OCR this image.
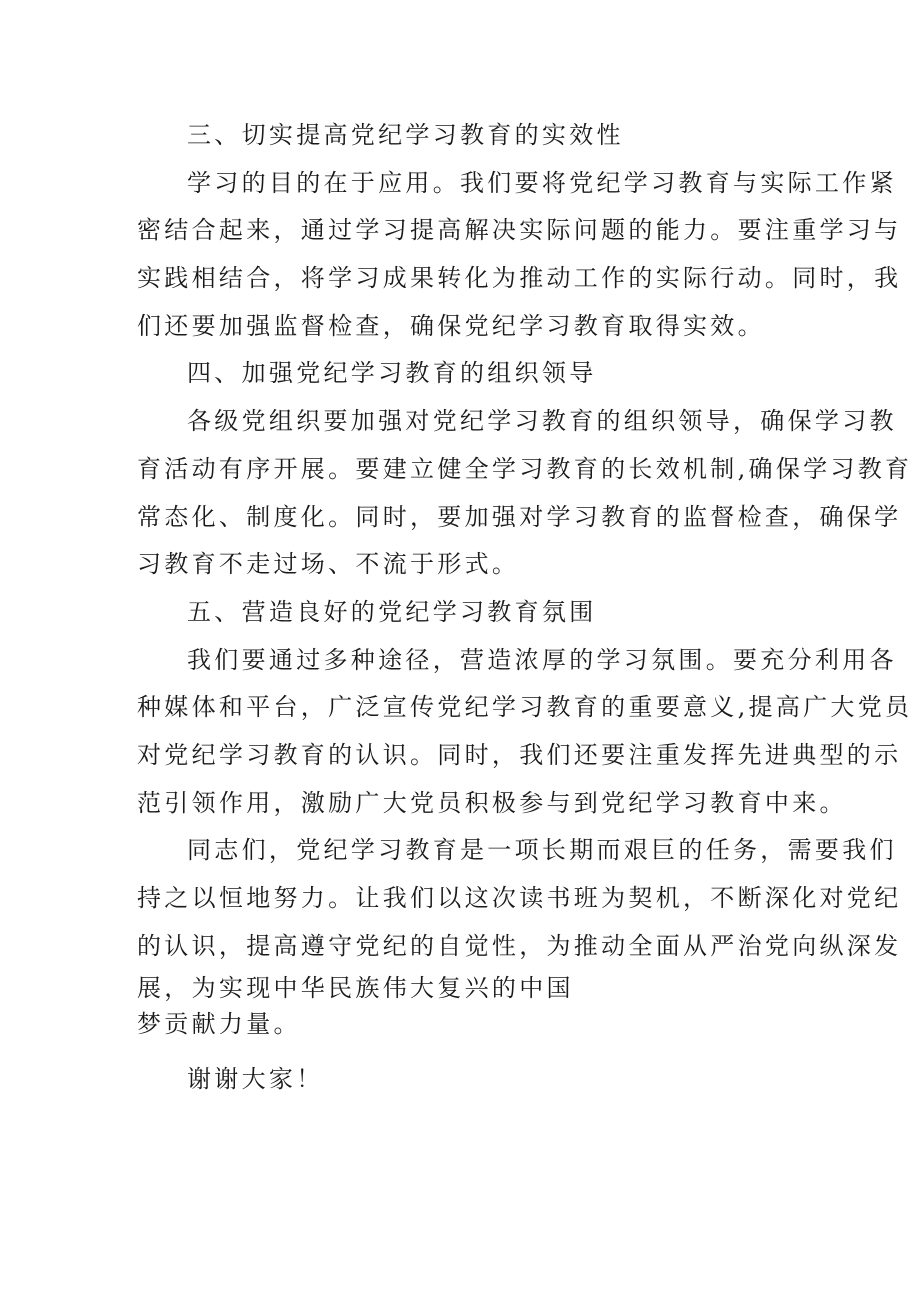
三、切实提高党纪学习教育的实效性
学习的目的在于应用。我们要将党纪学习教育与实际工作紧
密结合起来，通过学习提高解决实际问题的能力。要注重学习与
实践相结合，将学习成果转化为推动工作的实际行动。同时，我
们还要加强监督检查，确保党纪学习教育取得实效。
四、加强党纪学习教育的组织领导
各级党组织要加强对党纪学习教育的组织领导，确保学习教
育活动有序开展。要建立健全学习教育的长效机制,确保学习教育
常态化、制度化。同时，要加强对学习教育的监督检查，确保学
习教育不走过场、不流于形式。
五、营造良好的党纪学习教育氛围
我们要通过多种途径，营造浓厚的学习氛围。要充分利用各
种媒体和平台，广泛宣传党纪学习教育的重要意义,提高广大党员
对党纪学习教育的认识。同时，我们还要注重发挥先进典型的示
范引领作用，激励广大党员积极参与到党纪学习教育中来。
同志们，党纪学习教育是一项长期而艰巨的任务，需要我们
持之以恒地努力。让我们以这次读书班为契机，不断深化对党纪
的认识，提高遵守党纪的自觉性，为推动全面从严治党向纵深发
展，为实现中华民族伟大复兴的中国
梦贡献力量。
谢谢大家！
